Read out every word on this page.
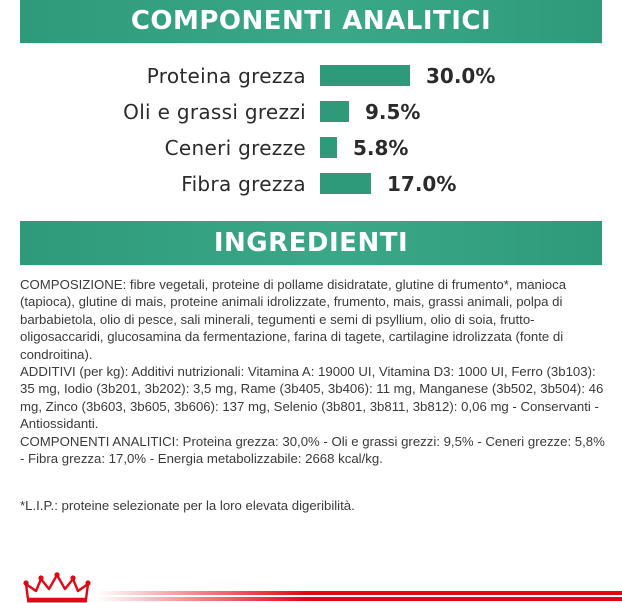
COMPONENTI ANALITICI
Proteina grezza	30.0%
Oli e grassi grezzi	9.5%
Ceneri grezze 5.8%
Fibra grezza	17.0%
INGREDIENTI

COMPOSIZIONE: fibre vegetali, proteine di pollame disidratate, glutine di frumento*, manioca (tapioca), glutine di mais, proteine animali idrolizzate, frumento, mais, grassi animali, polpa di barbabietola, olio di pesce, sali minerali, tegumenti e semi di psyllium, olio di soia, frutto-oligosaccaridi, glucosamina da fermentazione, farina di tagete, cartilagine idrolizzata (fonte di condroitina).

ADDITIVI (per kg): Additivi nutrizionali: Vitamina A: 19000 UI, Vitamina D3: 1000 UI, Ferro (3b103): 35 mg, Iodio (3b201, 3b202): 3,5 mg, Rame (3b405, 3b406): 11 mg, Manganese (3b502, 3b504): 46 mg, Zinco (3b603, 3b605, 3b606): 137 mg, Selenio (3b801, 3b811, 3b812): 0,06 mg - Conservanti - Antiossidanti.

COMPONENTI ANALITICI: Proteina grezza: 30,0% - Oli e grassi grezzi: 9,5% - Ceneri grezze: 5,8% - Fibra grezza: 17,0% - Energia metabolizzabile: 2668 kcal/kg.

*L.I.P.: proteine selezionate per la loro elevata digeribilità.
